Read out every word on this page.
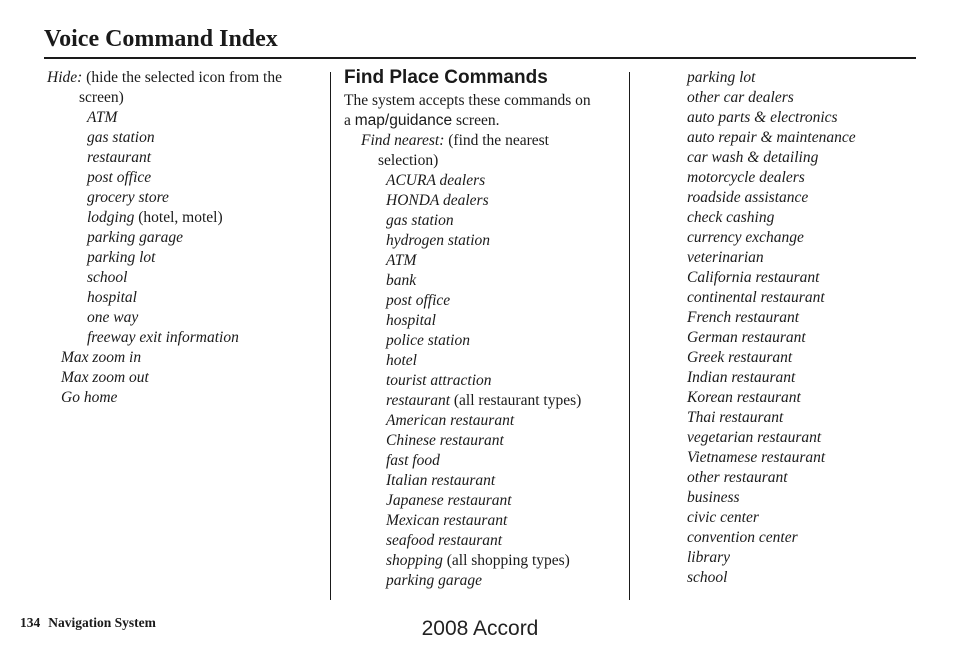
Voice Command Index
Hide: (hide the selected icon from the
screen)
ATM
gas station
restaurant
post office
grocery store
lodging (hotel, motel)
parking garage
parking lot
school
hospital
one way
freeway exit information
Max zoom in
Max zoom out
Go home
Find Place Commands
The system accepts these commands on
a map/guidance screen.
Find nearest: (find the nearest
selection)
ACURA dealers
HONDA dealers
gas station
hydrogen station
ATM
bank
post office
hospital
police station
hotel
tourist attraction
restaurant (all restaurant types)
American restaurant
Chinese restaurant
fast food
Italian restaurant
Japanese restaurant
Mexican restaurant
seafood restaurant
shopping (all shopping types)
parking garage
parking lot
other car dealers
auto parts & electronics
auto repair & maintenance
car wash & detailing
motorcycle dealers
roadside assistance
check cashing
currency exchange
veterinarian
California restaurant
continental restaurant
French restaurant
German restaurant
Greek restaurant
Indian restaurant
Korean restaurant
Thai restaurant
vegetarian restaurant
Vietnamese restaurant
other restaurant
business
civic center
convention center
library
school
134 Navigation System	2008 Accord
